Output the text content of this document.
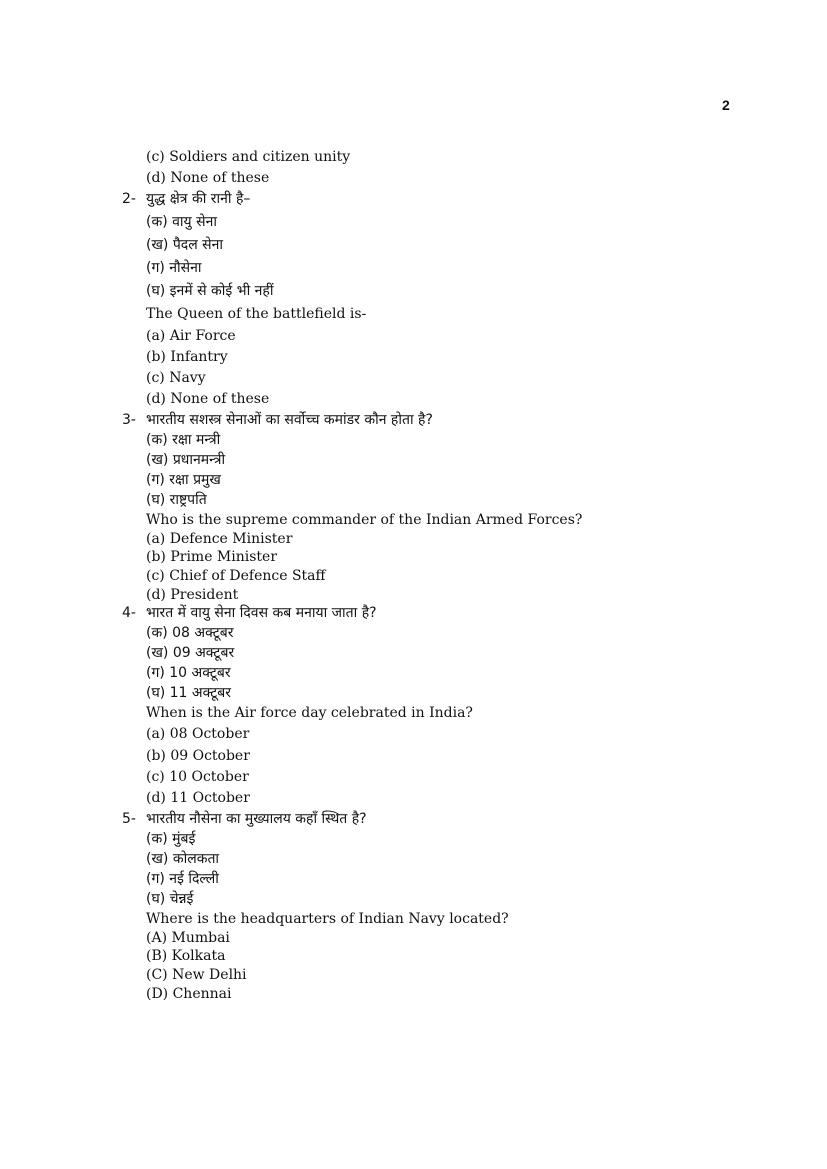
2
(c) Soldiers and citizen unity
(d) None of these
2- युद्ध क्षेत्र की रानी है–
(क) वायु सेना
(ख) पैदल सेना
(ग) नौसेना
(घ) इनमें से कोई भी नहीं
The Queen of the battlefield is-
(a) Air Force
(b) Infantry
(c) Navy
(d) None of these
3- भारतीय सशस्त्र सेनाओं का सर्वोच्च कमांडर कौन होता है?
(क) रक्षा मन्त्री
(ख) प्रधानमन्त्री
(ग) रक्षा प्रमुख
(घ) राष्ट्रपति
Who is the supreme commander of the Indian Armed Forces?
(a) Defence Minister
(b) Prime Minister
(c) Chief of Defence Staff
(d) President
4- भारत में वायु सेना दिवस कब मनाया जाता है?
(क) 08 अक्टूबर
(ख) 09 अक्टूबर
(ग) 10 अक्टूबर
(घ) 11 अक्टूबर
When is the Air force day celebrated in India?
(a) 08 October
(b) 09 October
(c) 10 October
(d) 11 October
5- भारतीय नौसेना का मुख्यालय कहाँ स्थित है?
(क) मुंबई
(ख) कोलकता
(ग) नई दिल्ली
(घ) चेन्नई
Where is the headquarters of Indian Navy located?
(A) Mumbai
(B) Kolkata
(C) New Delhi
(D) Chennai
